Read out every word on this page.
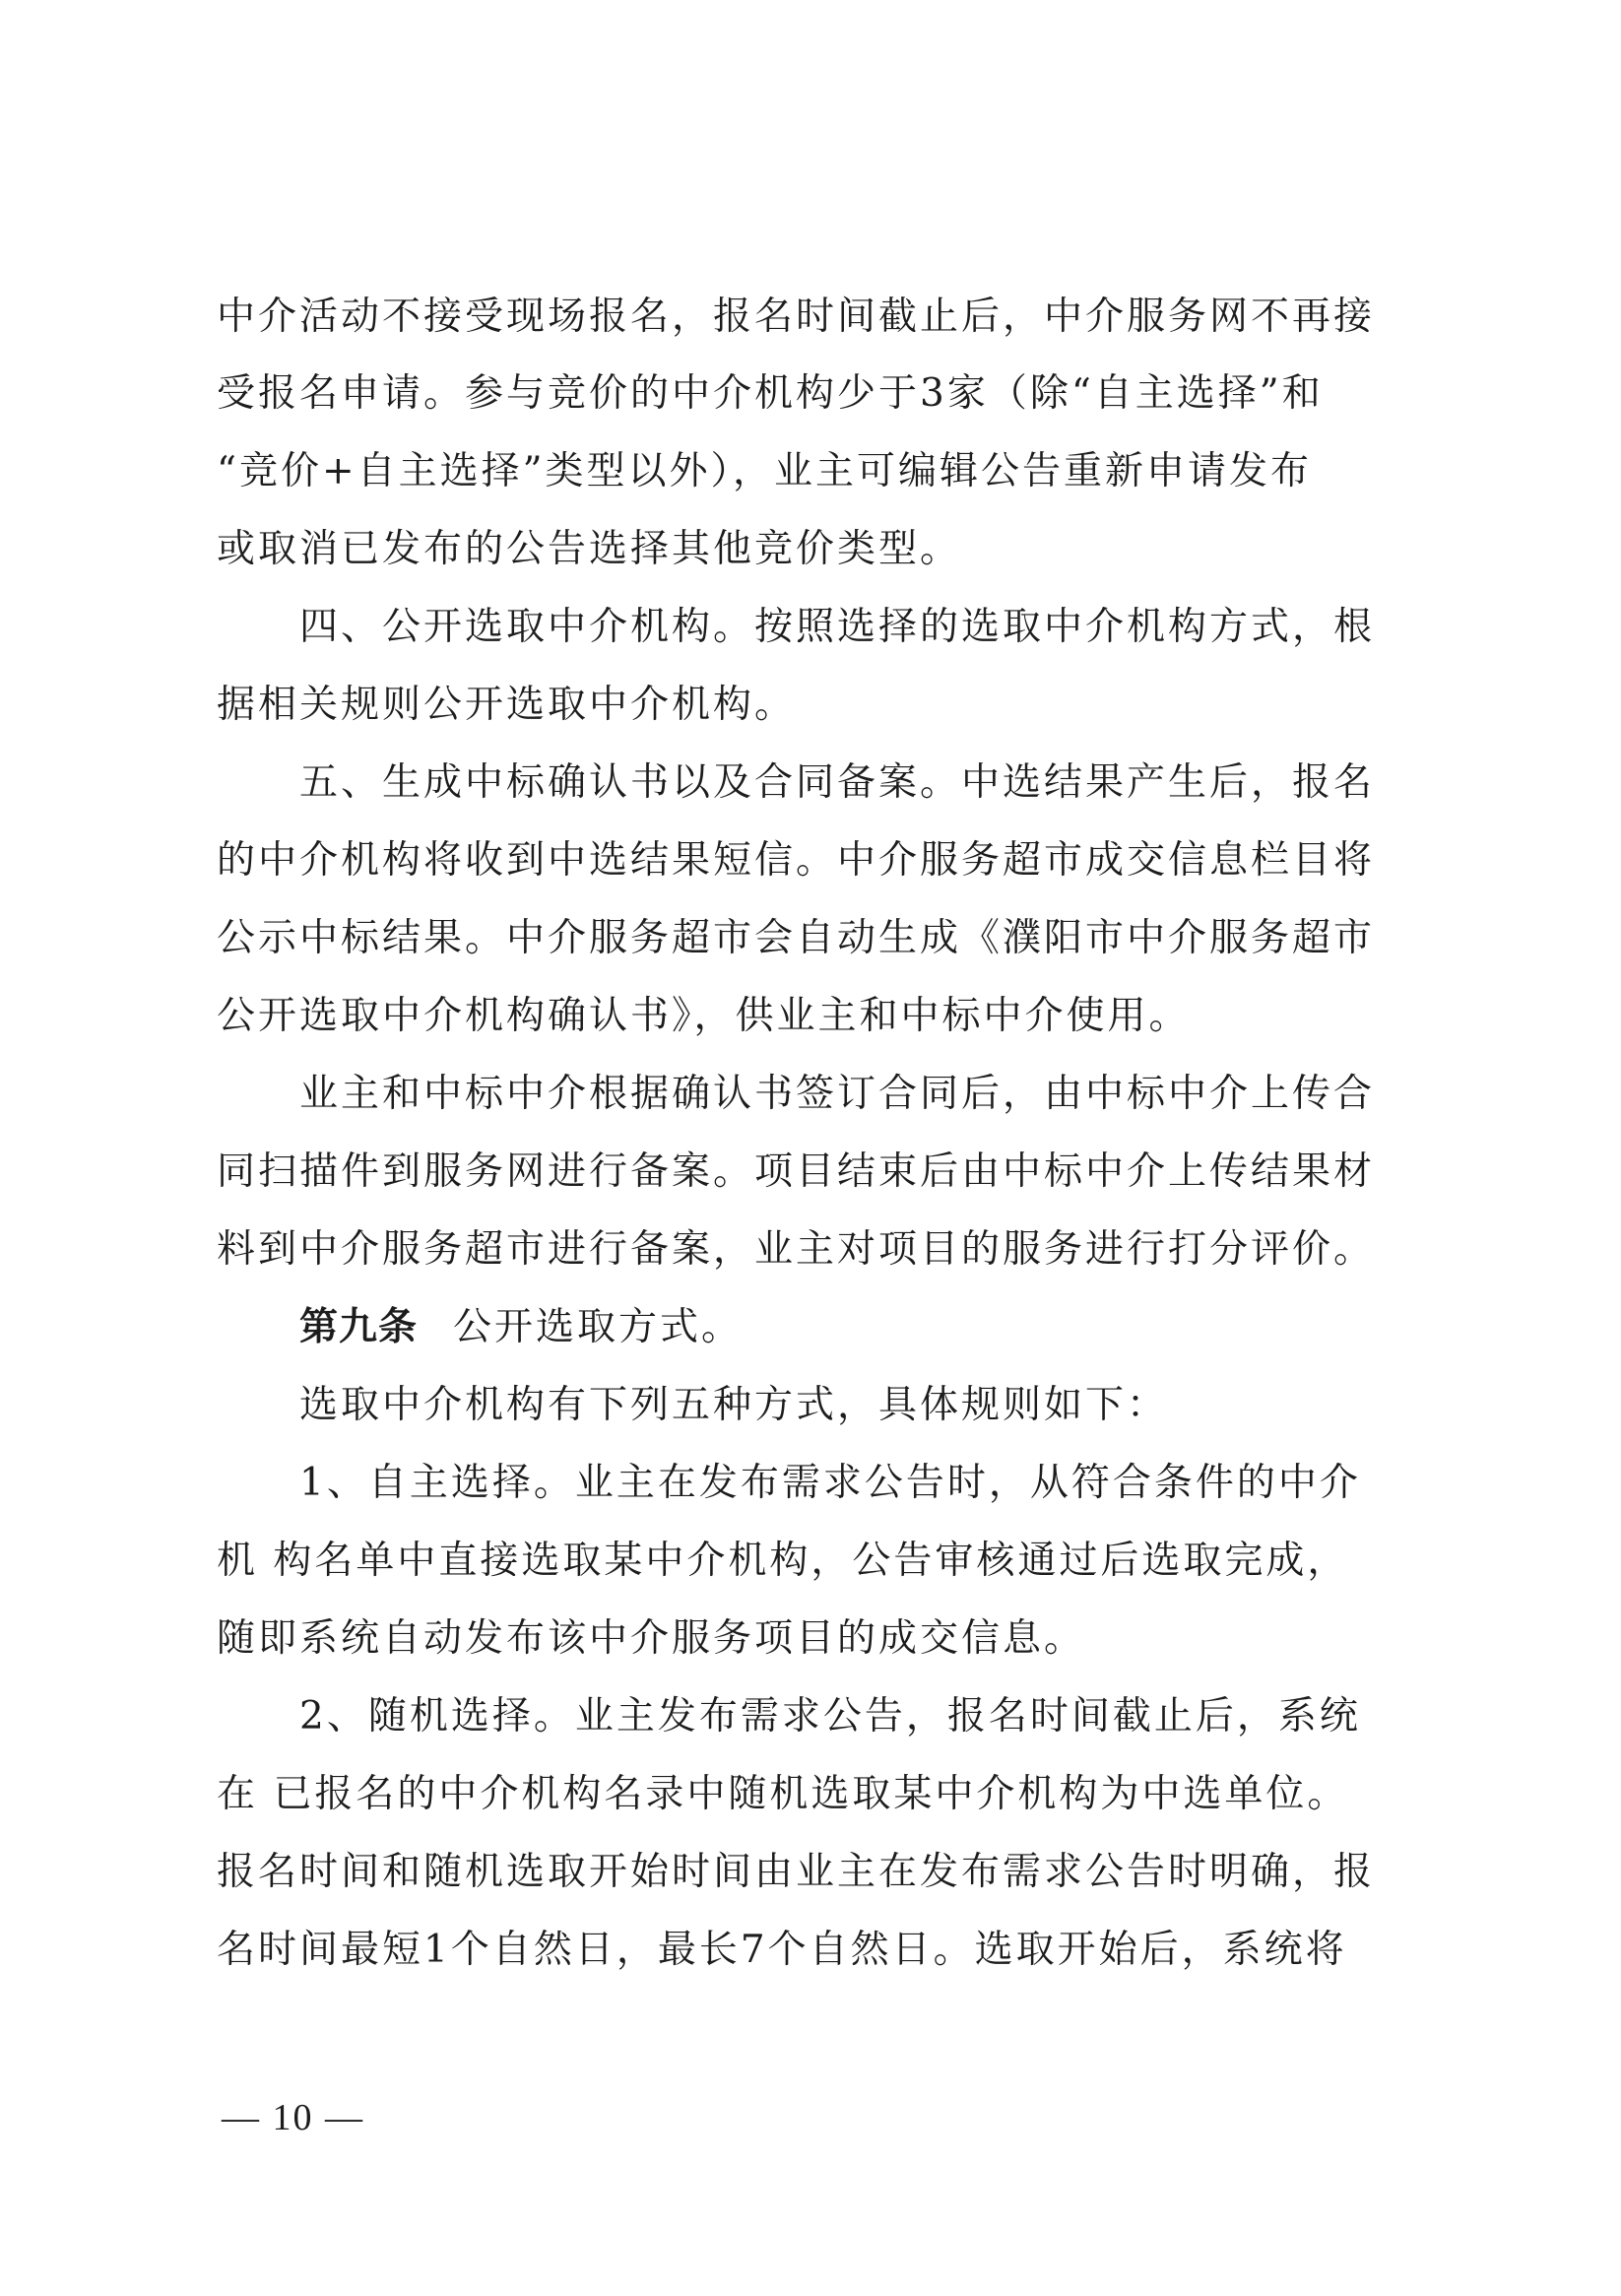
中介活动不接受现场报名，报名时间截止后，中介服务网不再接
受报名申请。参与竞价的中介机构少于3家（除“自主选择”和
“竞价+自主选择”类型以外），业主可编辑公告重新申请发布
或取消已发布的公告选择其他竞价类型。
四、公开选取中介机构。按照选择的选取中介机构方式，根
据相关规则公开选取中介机构。
五、生成中标确认书以及合同备案。中选结果产生后，报名
的中介机构将收到中选结果短信。中介服务超市成交信息栏目将
公示中标结果。中介服务超市会自动生成《濮阳市中介服务超市
公开选取中介机构确认书》，供业主和中标中介使用。
业主和中标中介根据确认书签订合同后，由中标中介上传合
同扫描件到服务网进行备案。项目结束后由中标中介上传结果材
料到中介服务超市进行备案，业主对项目的服务进行打分评价。
第九条 公开选取方式。
选取中介机构有下列五种方式，具体规则如下：
1、自主选择。业主在发布需求公告时，从符合条件的中介
机 构名单中直接选取某中介机构，公告审核通过后选取完成，
随即系统自动发布该中介服务项目的成交信息。
2、随机选择。业主发布需求公告，报名时间截止后，系统
在 已报名的中介机构名录中随机选取某中介机构为中选单位。
报名时间和随机选取开始时间由业主在发布需求公告时明确，报
名时间最短1个自然日，最长7个自然日。选取开始后，系统将
— 10 —
